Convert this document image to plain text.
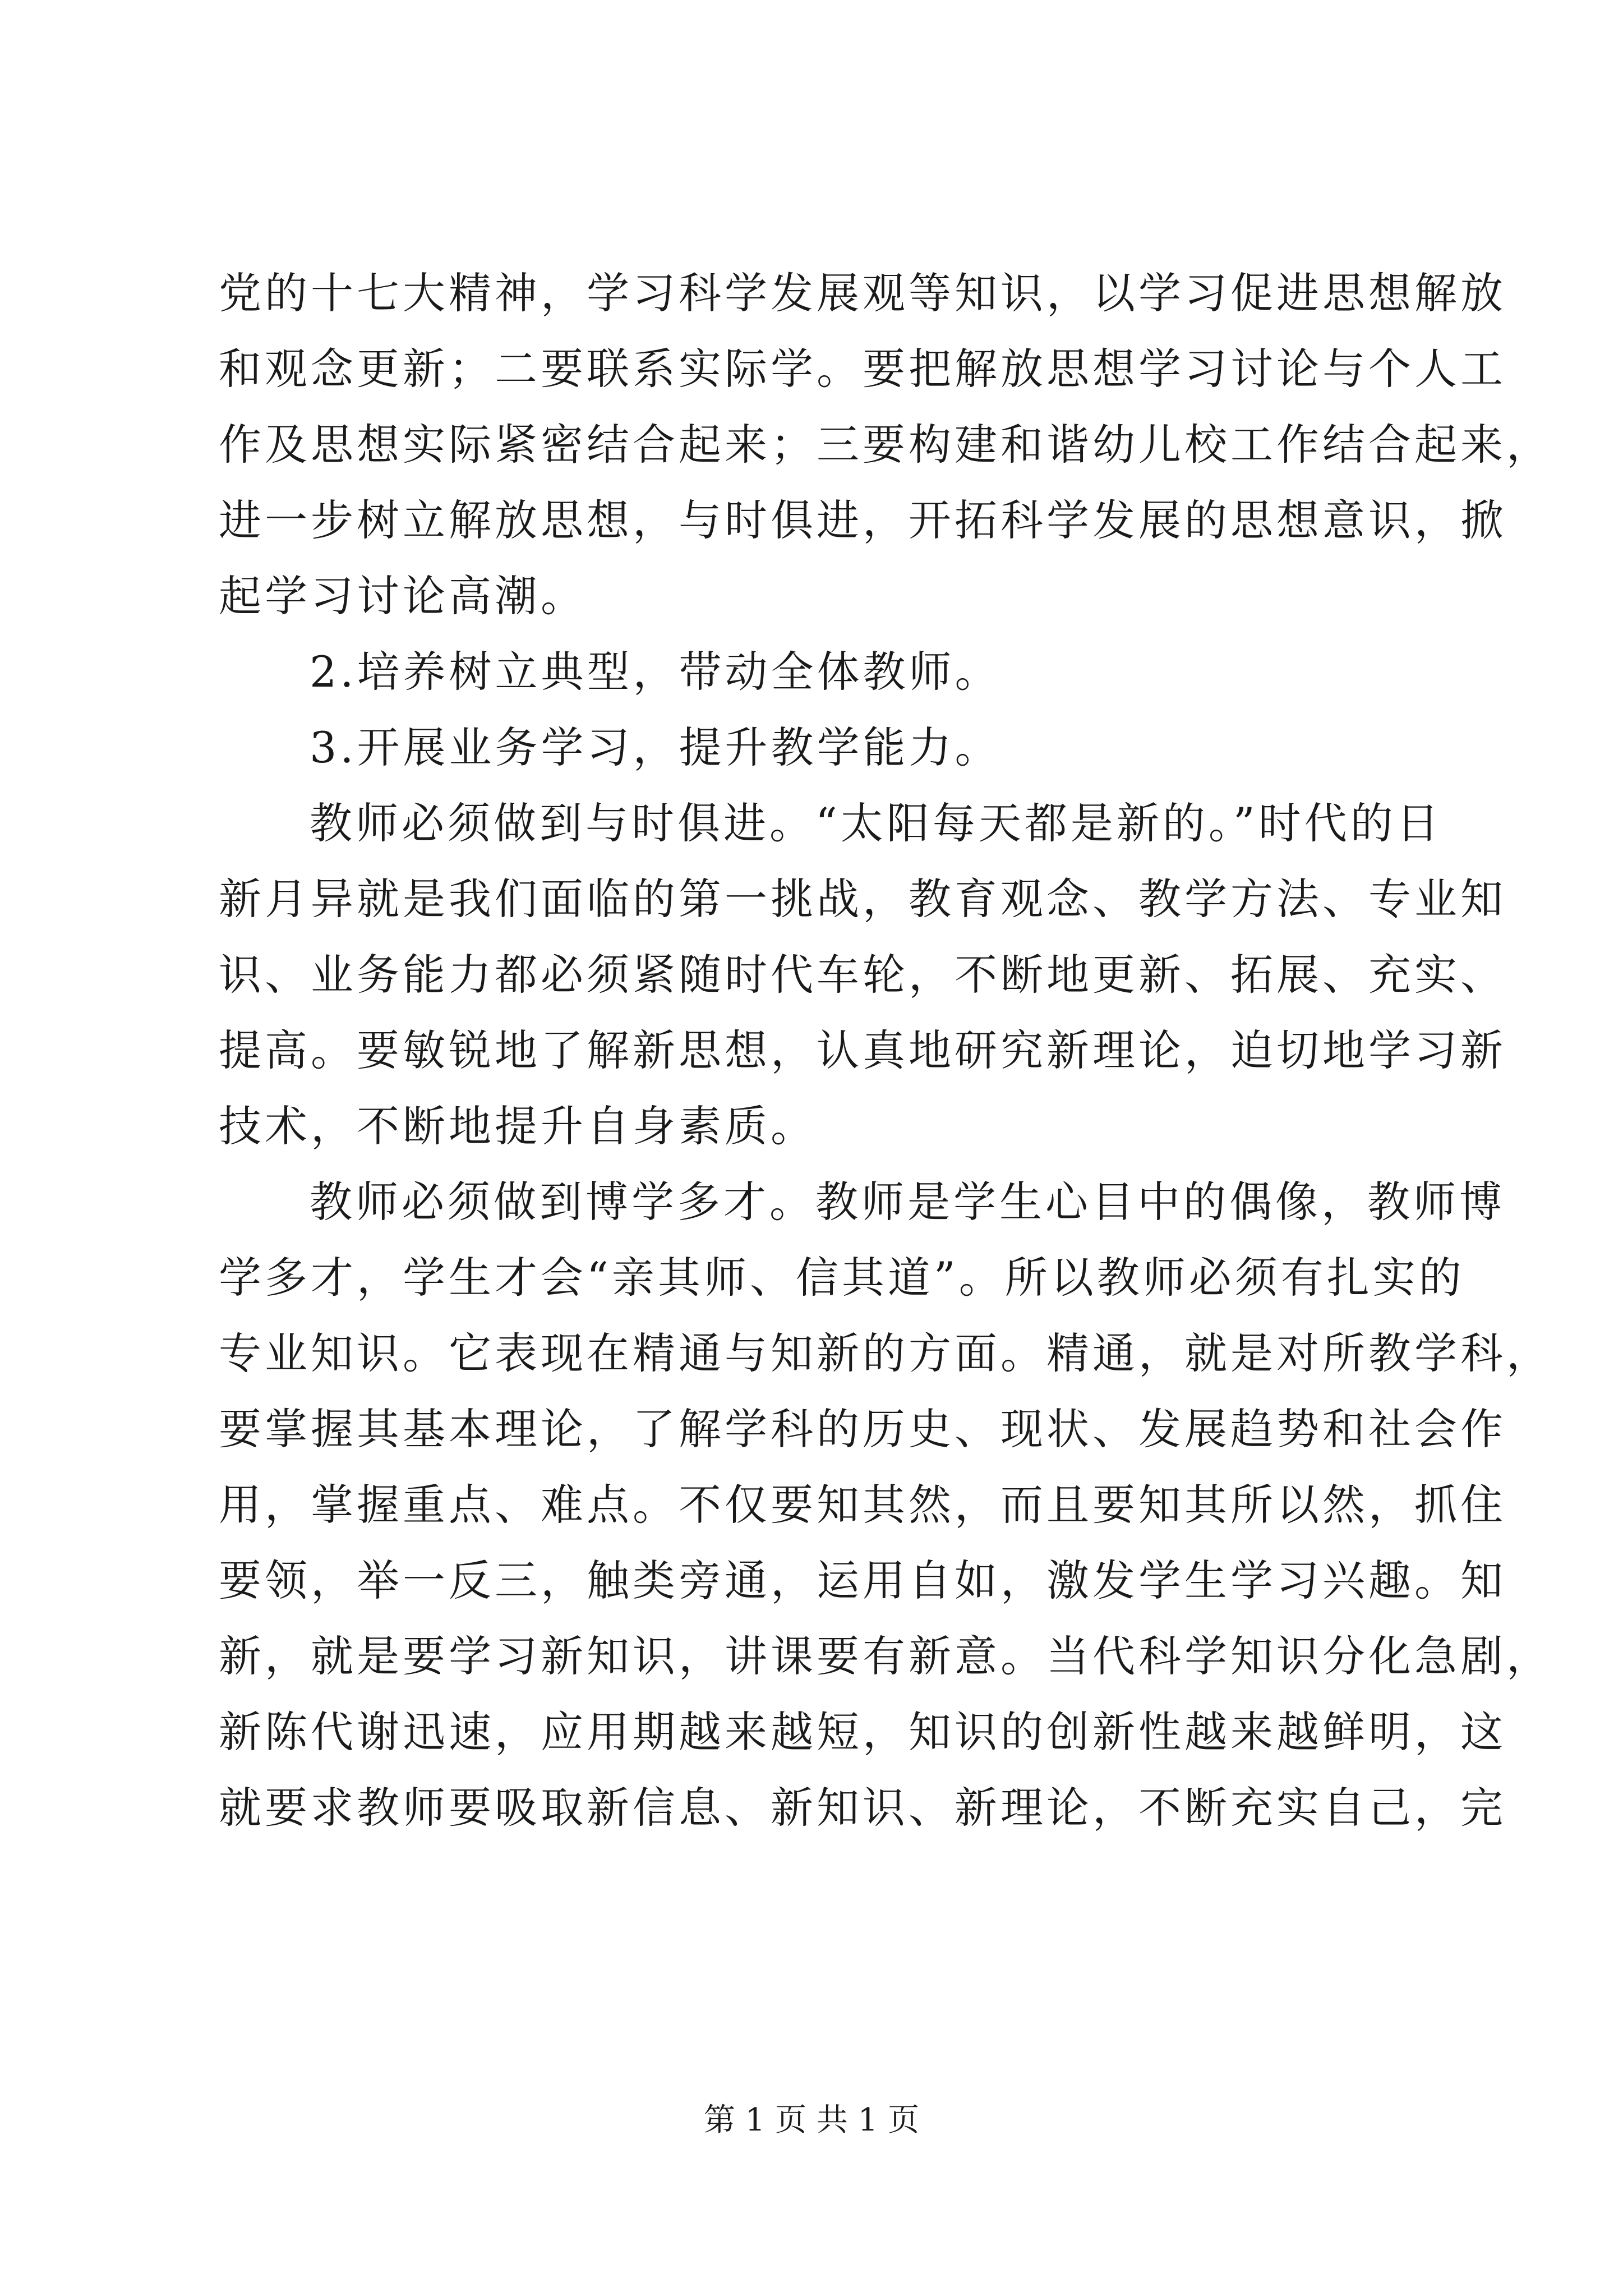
党的十七大精神，学习科学发展观等知识，以学习促进思想解放
和观念更新；二要联系实际学。要把解放思想学习讨论与个人工
作及思想实际紧密结合起来；三要构建和谐幼儿校工作结合起来，
进一步树立解放思想，与时俱进，开拓科学发展的思想意识，掀
起学习讨论高潮。
2.培养树立典型，带动全体教师。
3.开展业务学习，提升教学能力。
教师必须做到与时俱进。“太阳每天都是新的。”时代的日
新月异就是我们面临的第一挑战，教育观念、教学方法、专业知
识、业务能力都必须紧随时代车轮，不断地更新、拓展、充实、
提高。要敏锐地了解新思想，认真地研究新理论，迫切地学习新
技术，不断地提升自身素质。
教师必须做到博学多才。教师是学生心目中的偶像，教师博
学多才，学生才会“亲其师、信其道”。所以教师必须有扎实的
专业知识。它表现在精通与知新的方面。精通，就是对所教学科，
要掌握其基本理论，了解学科的历史、现状、发展趋势和社会作
用，掌握重点、难点。不仅要知其然，而且要知其所以然，抓住
要领，举一反三，触类旁通，运用自如，激发学生学习兴趣。知
新，就是要学习新知识，讲课要有新意。当代科学知识分化急剧，
新陈代谢迅速，应用期越来越短，知识的创新性越来越鲜明，这
就要求教师要吸取新信息、新知识、新理论，不断充实自己，完
第 1 页 共 1 页
